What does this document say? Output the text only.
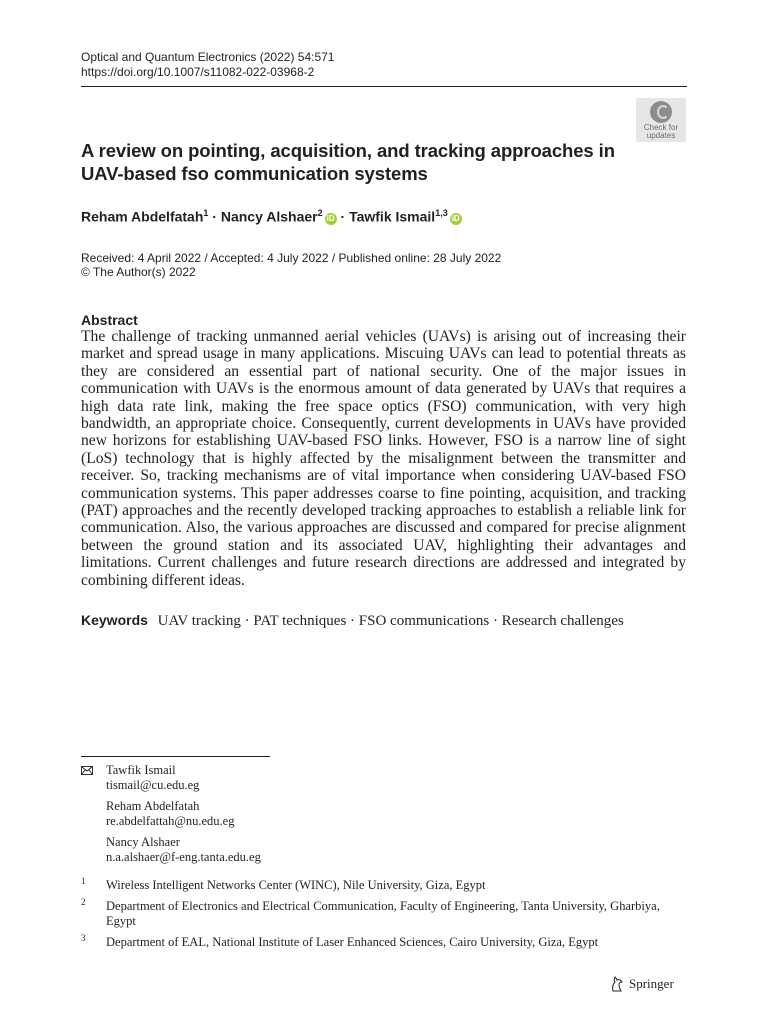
Optical and Quantum Electronics (2022) 54:571
https://doi.org/10.1007/s11082-022-03968-2
Check for
updates
A review on pointing, acquisition, and tracking approaches in UAV-based fso communication systems
Reham Abdelfatah$^1$ · Nancy Alshaer$^2$iD · Tawfik Ismail$^{1,3}$iD
Received: 4 April 2022 / Accepted: 4 July 2022 / Published online: 28 July 2022
© The Author(s) 2022
Abstract

The challenge of tracking unmanned aerial vehicles (UAVs) is arising out of increasing their market and spread usage in many applications. Miscuing UAVs can lead to potential threats as they are considered an essential part of national security. One of the major issues in communication with UAVs is the enormous amount of data generated by UAVs that requires a high data rate link, making the free space optics (FSO) communication, with very high bandwidth, an appropriate choice. Consequently, current developments in UAVs have provided new horizons for establishing UAV-based FSO links. However, FSO is a narrow line of sight (LoS) technology that is highly affected by the misalignment between the transmitter and receiver. So, tracking mechanisms are of vital importance when considering UAV-based FSO communication systems. This paper addresses coarse to fine pointing, acquisition, and tracking (PAT) approaches and the recently developed tracking approaches to establish a reliable link for communication. Also, the various approaches are discussed and compared for precise alignment between the ground station and its associated UAV, highlighting their advantages and limitations. Current challenges and future research directions are addressed and integrated by combining different ideas.

Keywords UAV tracking · PAT techniques · FSO communications · Research challenges
Tawfik Ismail
tismail@cu.edu.eg
Reham Abdelfatah
re.abdelfattah@nu.edu.eg
Nancy Alshaer
n.a.alshaer@f-eng.tanta.edu.eg
1 Wireless Intelligent Networks Center (WINC), Nile University, Giza, Egypt
2 Department of Electronics and Electrical Communication, Faculty of Engineering, Tanta University, Gharbiya, Egypt
3 Department of EAL, National Institute of Laser Enhanced Sciences, Cairo University, Giza, Egypt
Springer
